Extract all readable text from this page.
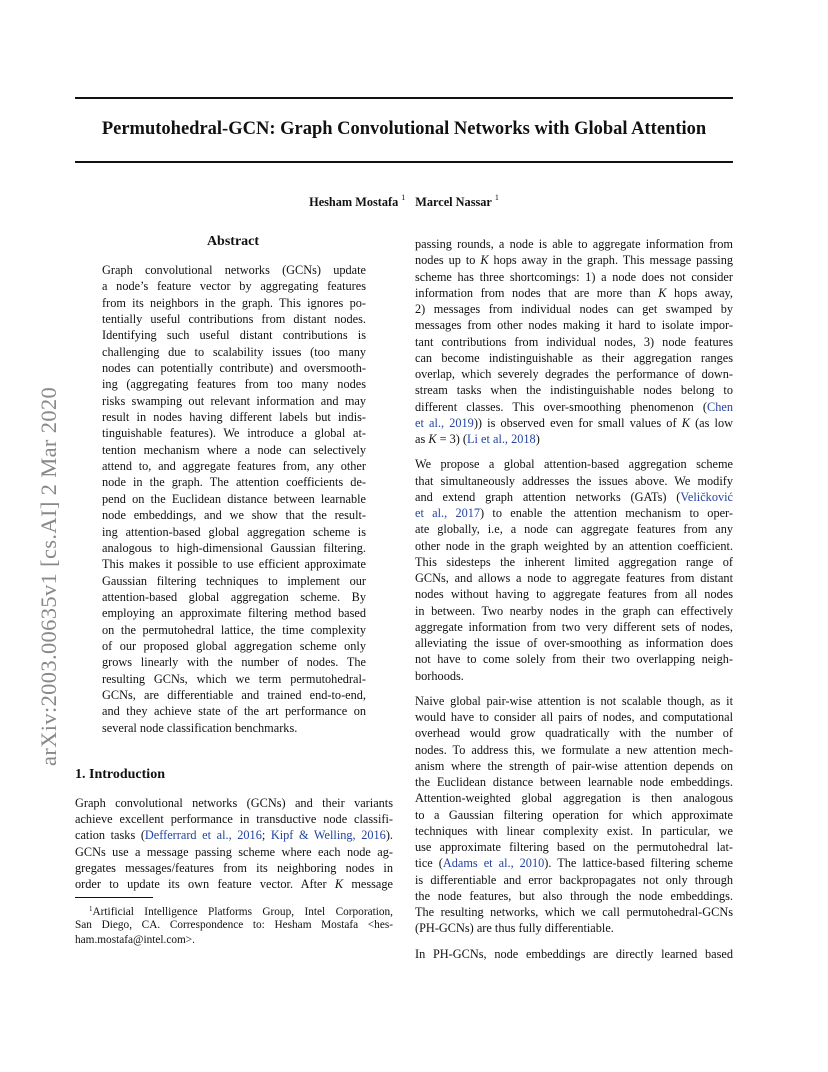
Permutohedral-GCN: Graph Convolutional Networks with Global Attention
Hesham Mostafa $^1$ Marcel Nassar $^1$
arXiv:2003.00635v1 [cs.AI] 2 Mar 2020
Abstract
Graph convolutional networks (GCNs) update
a node’s feature vector by aggregating features
from its neighbors in the graph. This ignores po-
tentially useful contributions from distant nodes.
Identifying such useful distant contributions is
challenging due to scalability issues (too many
nodes can potentially contribute) and oversmooth-
ing (aggregating features from too many nodes
risks swamping out relevant information and may
result in nodes having different labels but indis-
tinguishable features). We introduce a global at-
tention mechanism where a node can selectively
attend to, and aggregate features from, any other
node in the graph. The attention coefficients de-
pend on the Euclidean distance between learnable
node embeddings, and we show that the result-
ing attention-based global aggregation scheme is
analogous to high-dimensional Gaussian filtering.
This makes it possible to use efficient approximate
Gaussian filtering techniques to implement our
attention-based global aggregation scheme. By
employing an approximate filtering method based
on the permutohedral lattice, the time complexity
of our proposed global aggregation scheme only
grows linearly with the number of nodes. The
resulting GCNs, which we term permutohedral-
GCNs, are differentiable and trained end-to-end,
and they achieve state of the art performance on
several node classification benchmarks.
1. Introduction
Graph convolutional networks (GCNs) and their variants
achieve excellent performance in transductive node classifi-
cation tasks (Defferrard et al., 2016; Kipf & Welling, 2016).
GCNs use a message passing scheme where each node ag-
gregates messages/features from its neighboring nodes in
order to update its own feature vector. After K message
$^1$Artificial Intelligence Platforms Group, Intel Corporation,
San Diego, CA. Correspondence to: Hesham Mostafa <hes-
ham.mostafa@intel.com>.
passing rounds, a node is able to aggregate information from
nodes up to K hops away in the graph. This message passing
scheme has three shortcomings: 1) a node does not consider
information from nodes that are more than K hops away,
2) messages from individual nodes can get swamped by
messages from other nodes making it hard to isolate impor-
tant contributions from individual nodes, 3) node features
can become indistinguishable as their aggregation ranges
overlap, which severely degrades the performance of down-
stream tasks when the indistinguishable nodes belong to
different classes. This over-smoothing phenomenon (Chen
et al., 2019)) is observed even for small values of K (as low
as K = 3) (Li et al., 2018)
We propose a global attention-based aggregation scheme
that simultaneously addresses the issues above. We modify
and extend graph attention networks (GATs) (Veličković
et al., 2017) to enable the attention mechanism to oper-
ate globally, i.e, a node can aggregate features from any
other node in the graph weighted by an attention coefficient.
This sidesteps the inherent limited aggregation range of
GCNs, and allows a node to aggregate features from distant
nodes without having to aggregate features from all nodes
in between. Two nearby nodes in the graph can effectively
aggregate information from two very different sets of nodes,
alleviating the issue of over-smoothing as information does
not have to come solely from their two overlapping neigh-
borhoods.
Naive global pair-wise attention is not scalable though, as it
would have to consider all pairs of nodes, and computational
overhead would grow quadratically with the number of
nodes. To address this, we formulate a new attention mech-
anism where the strength of pair-wise attention depends on
the Euclidean distance between learnable node embeddings.
Attention-weighted global aggregation is then analogous
to a Gaussian filtering operation for which approximate
techniques with linear complexity exist. In particular, we
use approximate filtering based on the permutohedral lat-
tice (Adams et al., 2010). The lattice-based filtering scheme
is differentiable and error backpropagates not only through
the node features, but also through the node embeddings.
The resulting networks, which we call permutohedral-GCNs
(PH-GCNs) are thus fully differentiable.
In PH-GCNs, node embeddings are directly learned based
